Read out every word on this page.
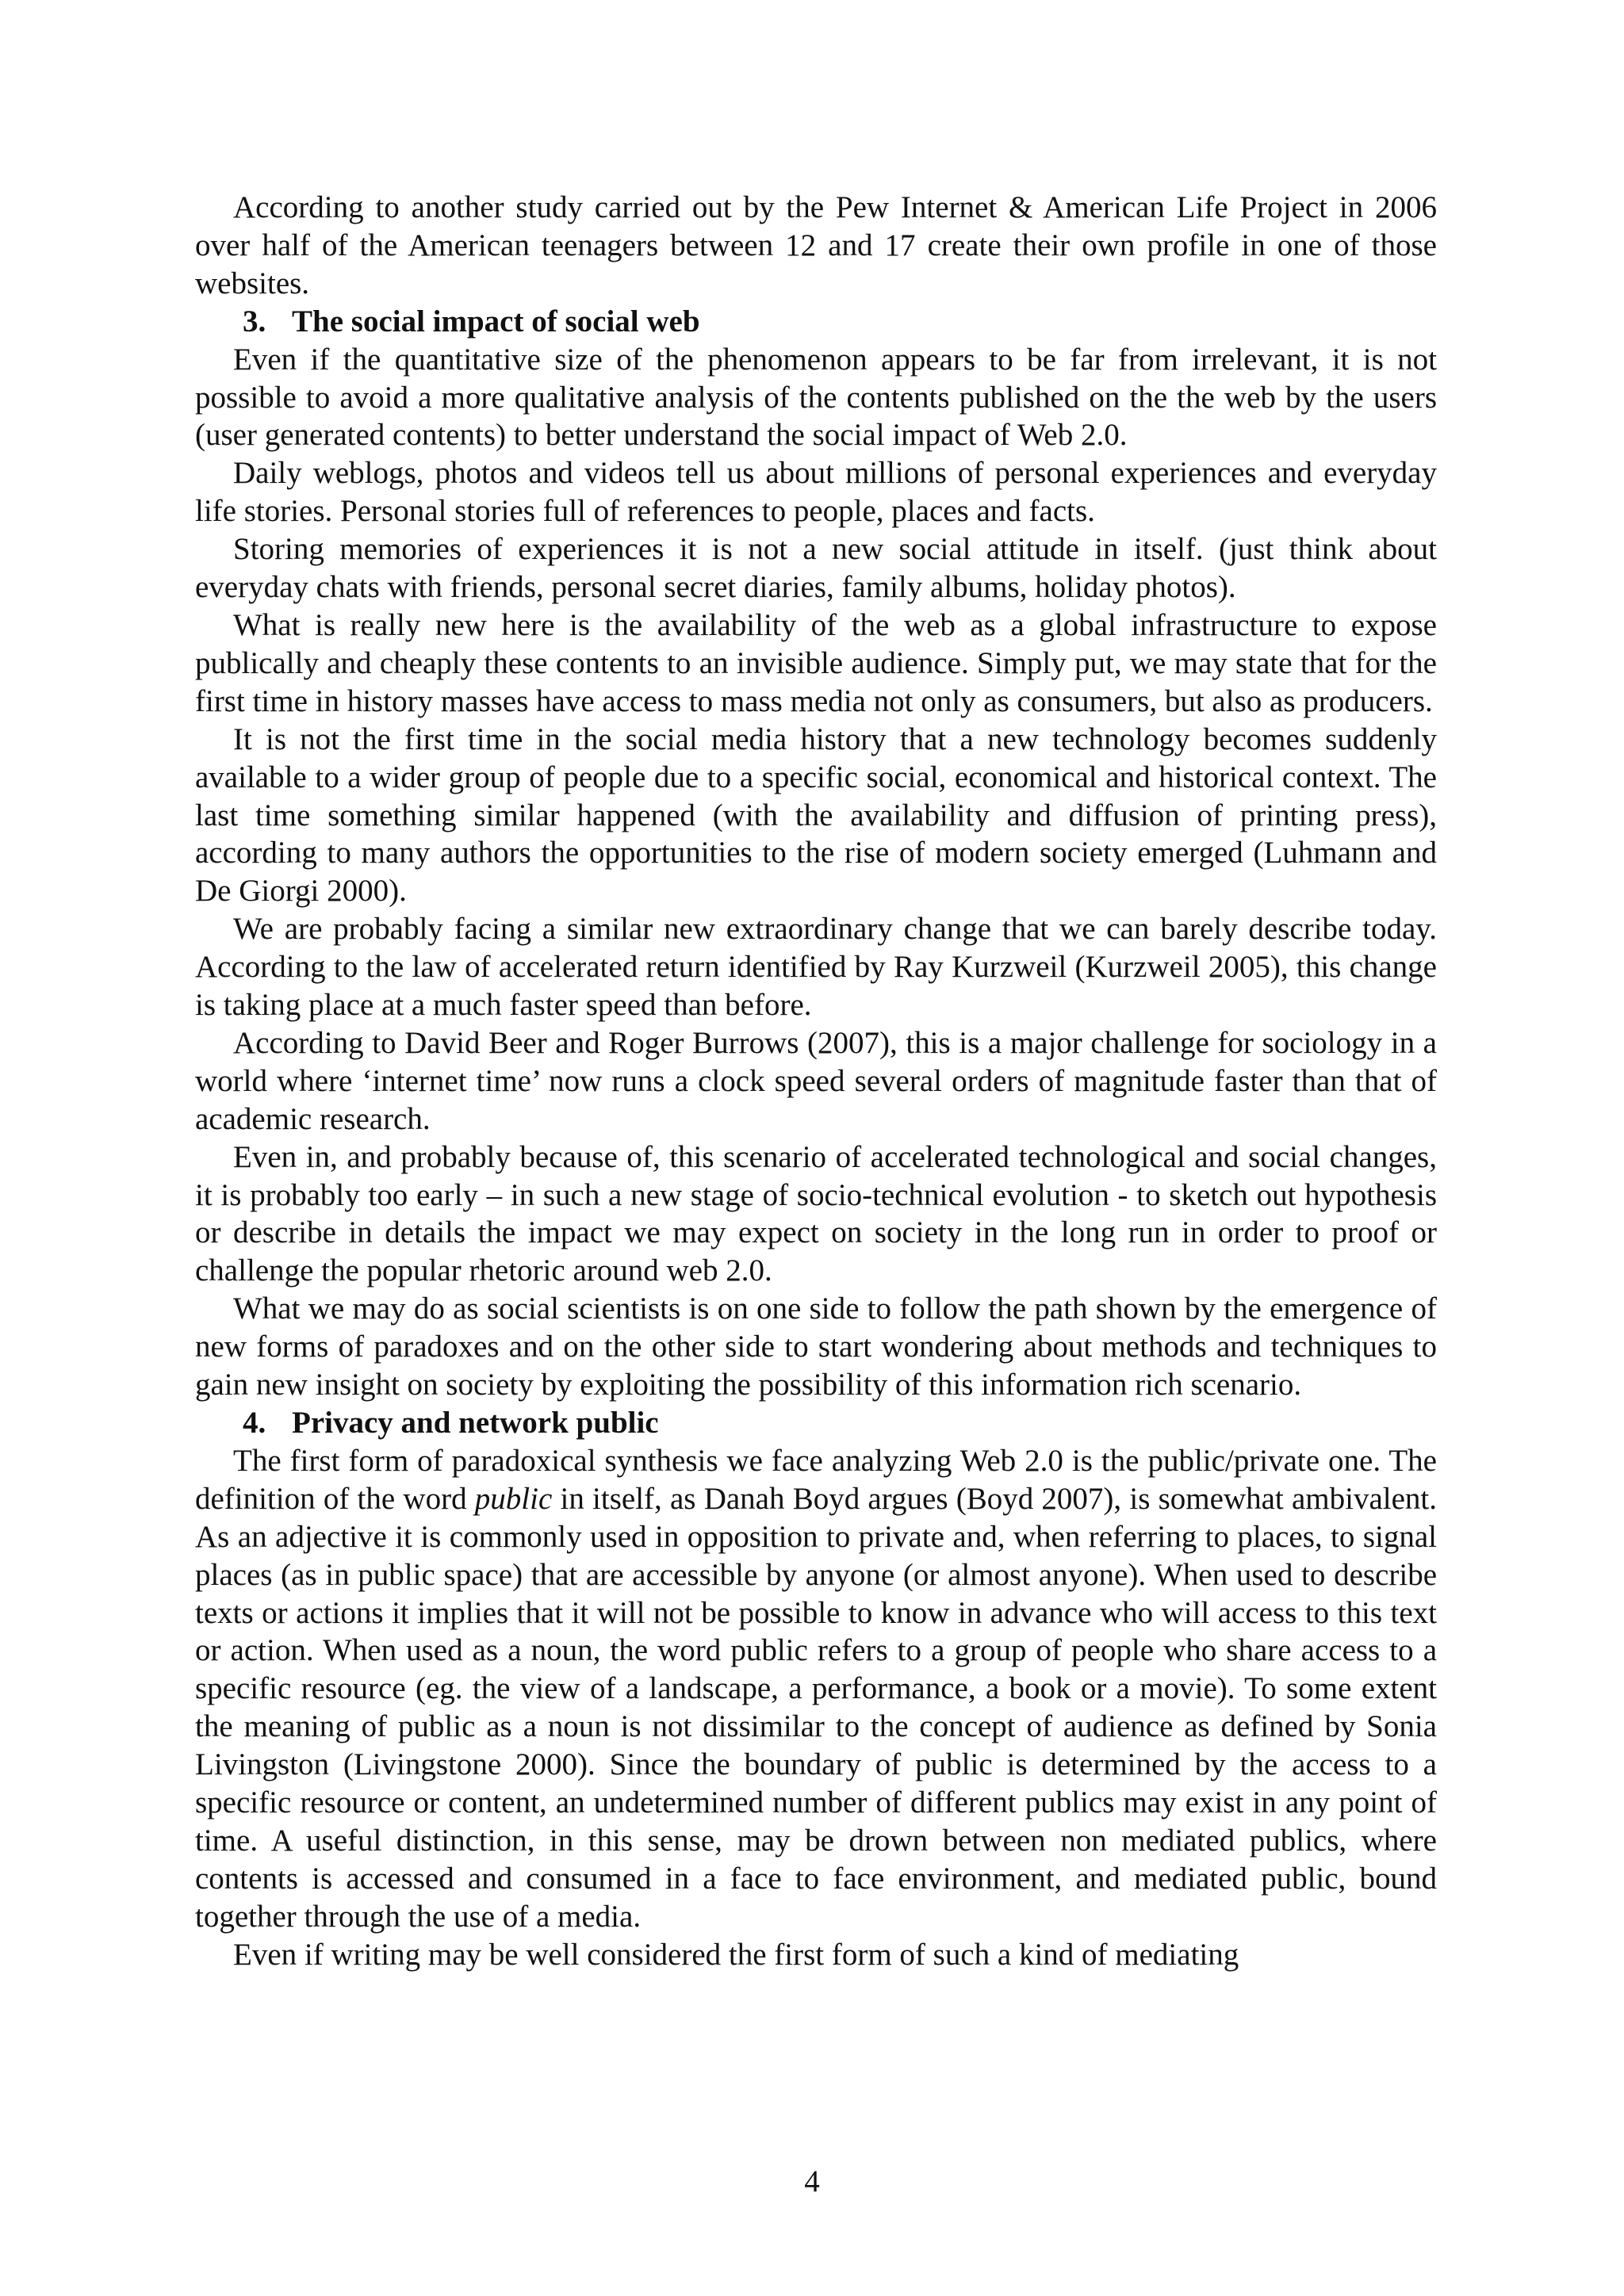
According to another study carried out by the Pew Internet & American Life Project in 2006 over half of the American teenagers between 12 and 17 create their own profile in one of those websites.

3. The social impact of social web

Even if the quantitative size of the phenomenon appears to be far from irrelevant, it is not possible to avoid a more qualitative analysis of the contents published on the the web by the users (user generated contents) to better understand the social impact of Web 2.0.

Daily weblogs, photos and videos tell us about millions of personal experiences and everyday life stories. Personal stories full of references to people, places and facts.

Storing memories of experiences it is not a new social attitude in itself. (just think about everyday chats with friends, personal secret diaries, family albums, holiday photos).

What is really new here is the availability of the web as a global infrastructure to expose publically and cheaply these contents to an invisible audience. Simply put, we may state that for the first time in history masses have access to mass media not only as consumers, but also as producers.

It is not the first time in the social media history that a new technology becomes suddenly available to a wider group of people due to a specific social, economical and historical context. The last time something similar happened (with the availability and diffusion of printing press), according to many authors the opportunities to the rise of modern society emerged (Luhmann and De Giorgi 2000).

We are probably facing a similar new extraordinary change that we can barely describe today. According to the law of accelerated return identified by Ray Kurzweil (Kurzweil 2005), this change is taking place at a much faster speed than before.

According to David Beer and Roger Burrows (2007), this is a major challenge for sociology in a world where ‘internet time’ now runs a clock speed several orders of magnitude faster than that of academic research.

Even in, and probably because of, this scenario of accelerated technological and social changes, it is probably too early – in such a new stage of socio-technical evolution - to sketch out hypothesis or describe in details the impact we may expect on society in the long run in order to proof or challenge the popular rhetoric around web 2.0.

What we may do as social scientists is on one side to follow the path shown by the emergence of new forms of paradoxes and on the other side to start wondering about methods and techniques to gain new insight on society by exploiting the possibility of this information rich scenario.

4. Privacy and network public

The first form of paradoxical synthesis we face analyzing Web 2.0 is the public/private one. The definition of the word public in itself, as Danah Boyd argues (Boyd 2007), is somewhat ambivalent. As an adjective it is commonly used in opposition to private and, when referring to places, to signal places (as in public space) that are accessible by anyone (or almost anyone). When used to describe texts or actions it implies that it will not be possible to know in advance who will access to this text or action. When used as a noun, the word public refers to a group of people who share access to a specific resource (eg. the view of a landscape, a performance, a book or a movie). To some extent the meaning of public as a noun is not dissimilar to the concept of audience as defined by Sonia Livingston (Livingstone 2000). Since the boundary of public is determined by the access to a specific resource or content, an undetermined number of different publics may exist in any point of time. A useful distinction, in this sense, may be drown between non mediated publics, where contents is accessed and consumed in a face to face environment, and mediated public, bound together through the use of a media.

Even if writing may be well considered the first form of such a kind of mediating

4
